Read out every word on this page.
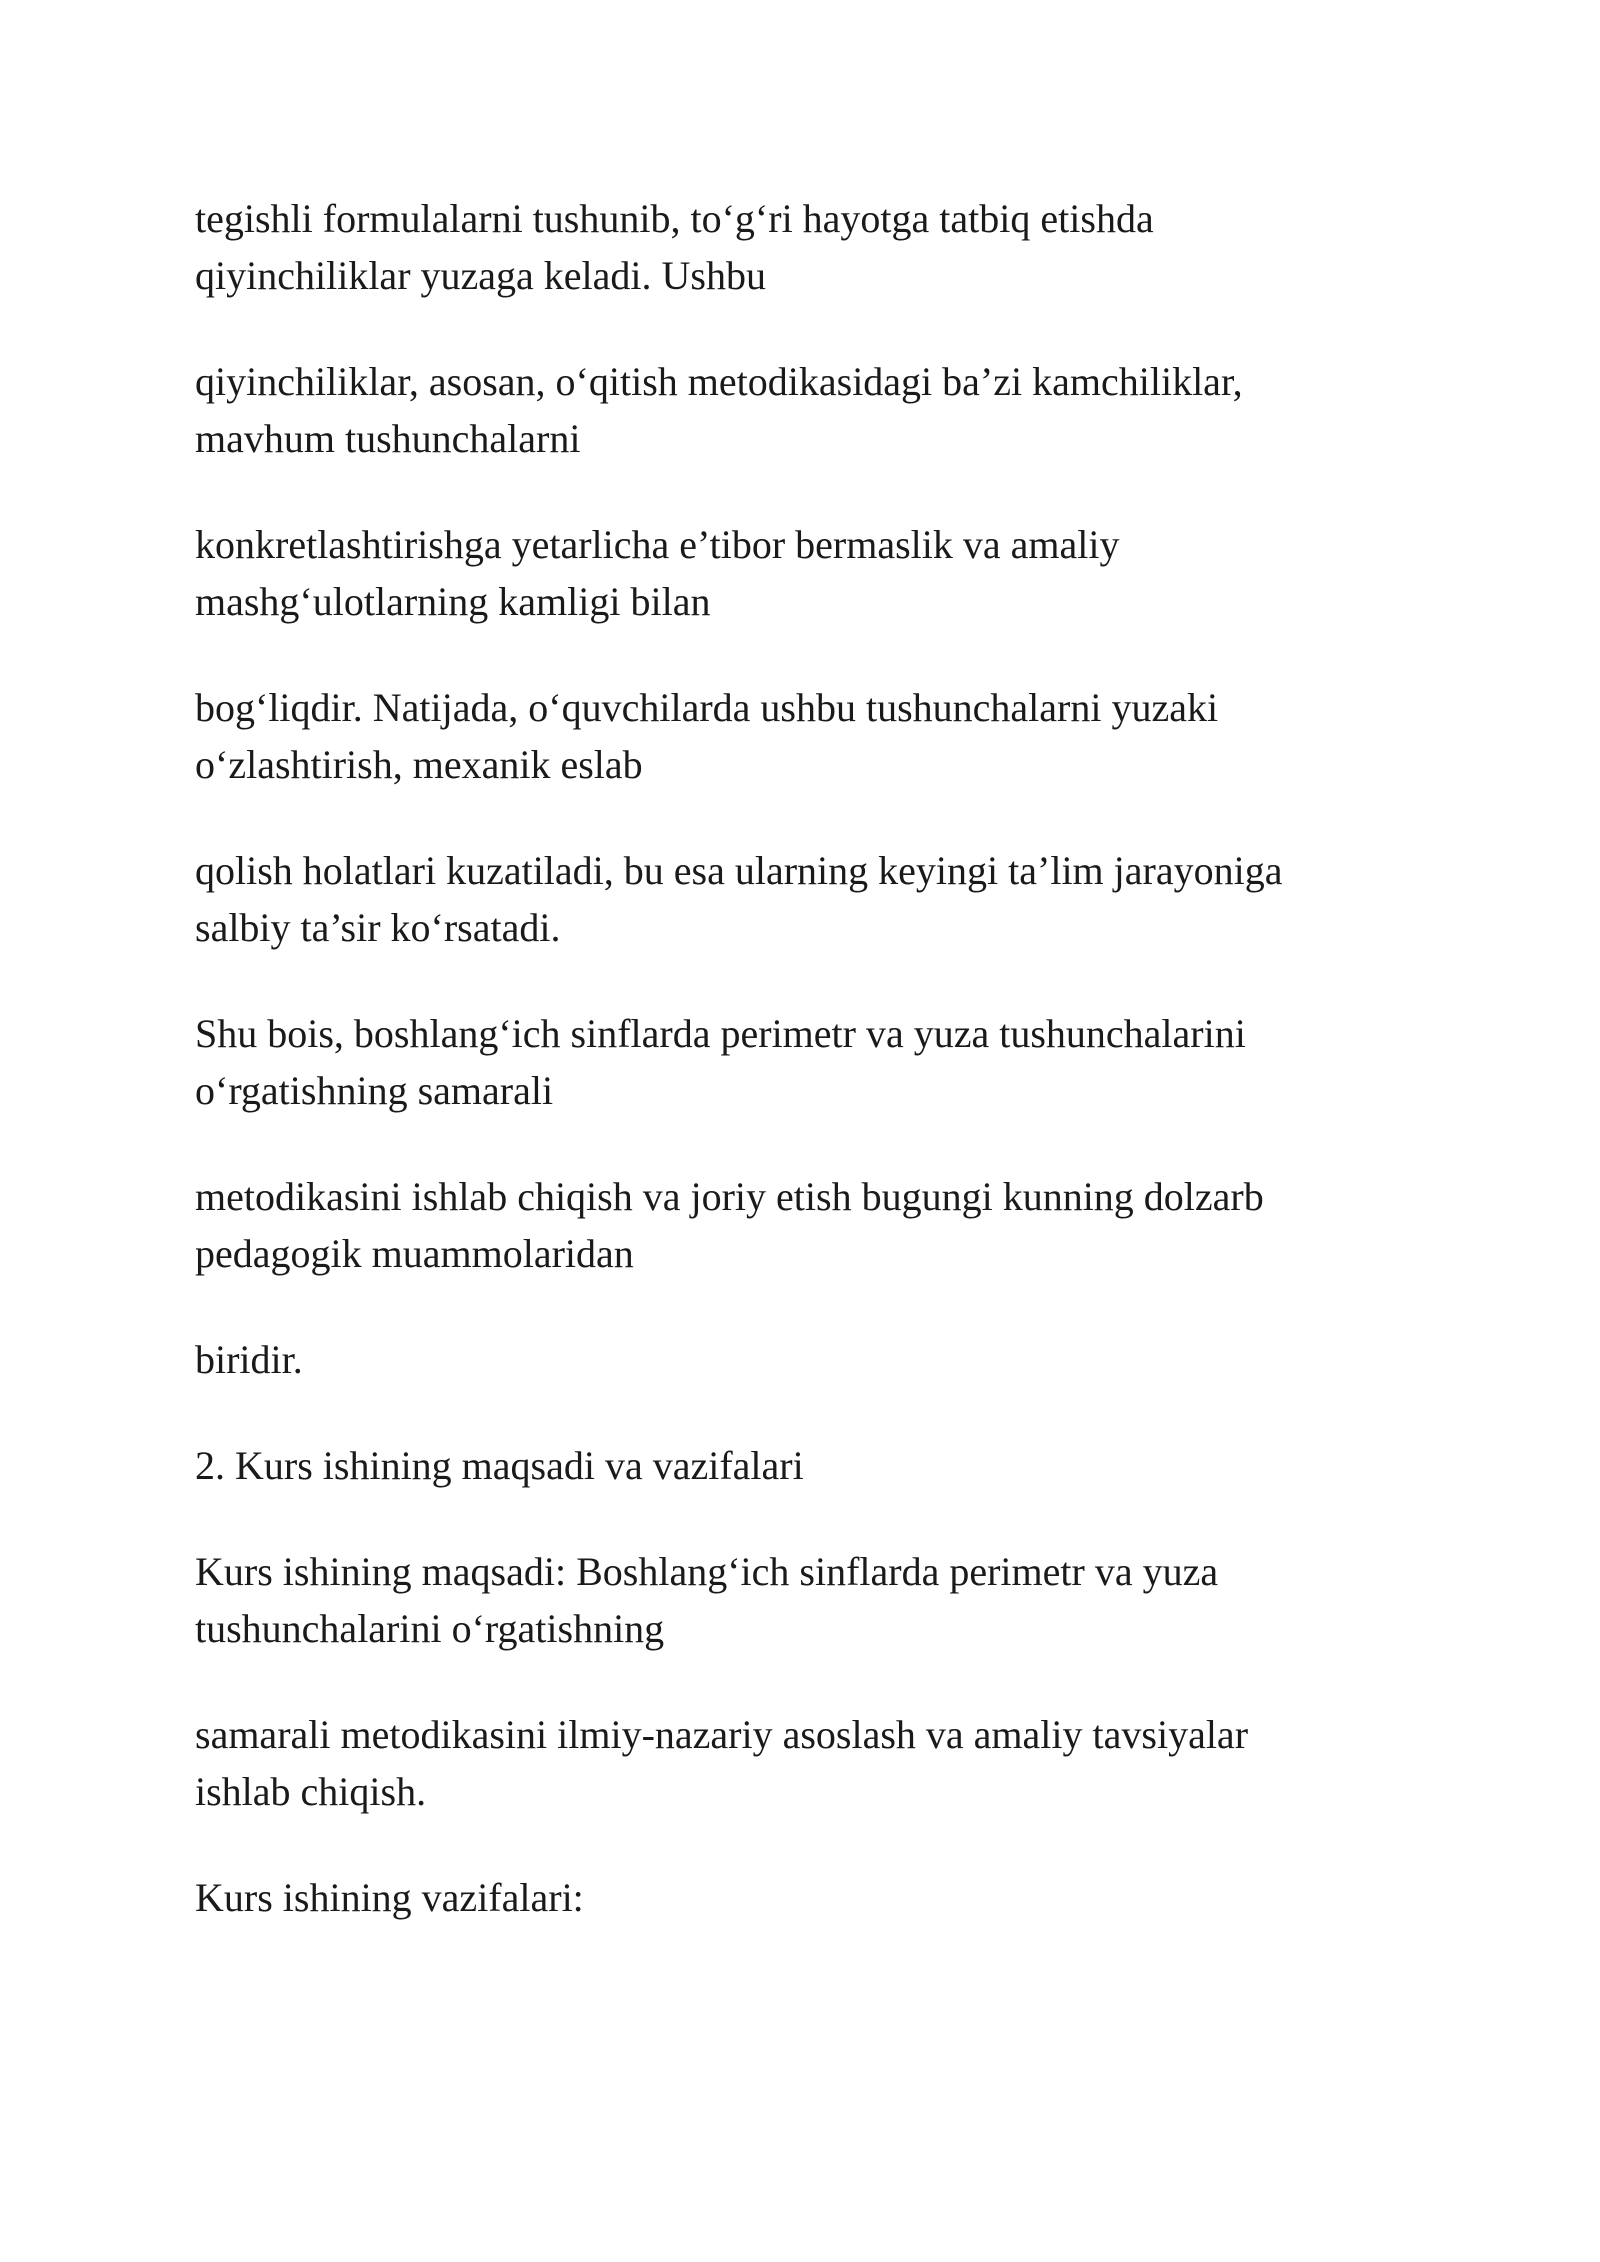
tegishli formulalarni tushunib, to‘g‘ri hayotga tatbiq etishda
qiyinchiliklar yuzaga keladi. Ushbu

qiyinchiliklar, asosan, o‘qitish metodikasidagi ba’zi kamchiliklar,
mavhum tushunchalarni

konkretlashtirishga yetarlicha e’tibor bermaslik va amaliy
mashg‘ulotlarning kamligi bilan

bog‘liqdir. Natijada, o‘quvchilarda ushbu tushunchalarni yuzaki
o‘zlashtirish, mexanik eslab

qolish holatlari kuzatiladi, bu esa ularning keyingi ta’lim jarayoniga
salbiy ta’sir ko‘rsatadi.

Shu bois, boshlang‘ich sinflarda perimetr va yuza tushunchalarini
o‘rgatishning samarali

metodikasini ishlab chiqish va joriy etish bugungi kunning dolzarb
pedagogik muammolaridan

biridir.

2. Kurs ishining maqsadi va vazifalari

Kurs ishining maqsadi: Boshlang‘ich sinflarda perimetr va yuza
tushunchalarini o‘rgatishning

samarali metodikasini ilmiy-nazariy asoslash va amaliy tavsiyalar
ishlab chiqish.

Kurs ishining vazifalari:
